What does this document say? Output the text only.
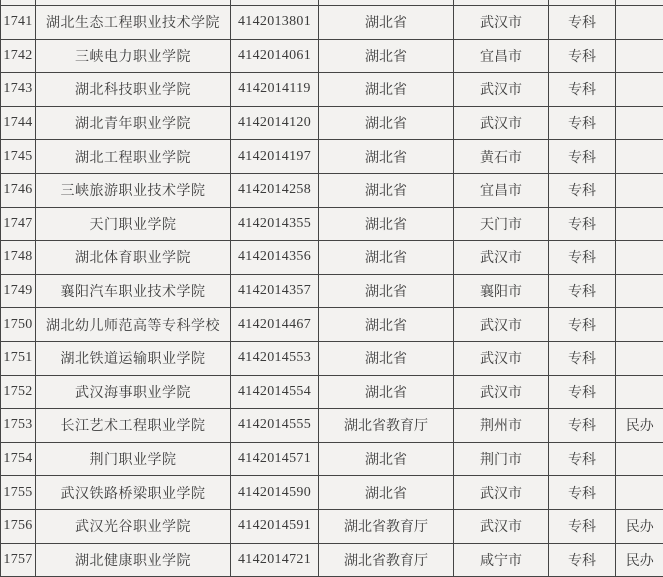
1741	湖北生态工程职业技术学院	4142013801	湖北省	武汉市	专科	
1742	三峡电力职业学院	4142014061	湖北省	宜昌市	专科	
1743	湖北科技职业学院	4142014119	湖北省	武汉市	专科	
1744	湖北青年职业学院	4142014120	湖北省	武汉市	专科	
1745	湖北工程职业学院	4142014197	湖北省	黄石市	专科	
1746	三峡旅游职业技术学院	4142014258	湖北省	宜昌市	专科	
1747	天门职业学院	4142014355	湖北省	天门市	专科	
1748	湖北体育职业学院	4142014356	湖北省	武汉市	专科	
1749	襄阳汽车职业技术学院	4142014357	湖北省	襄阳市	专科	
1750	湖北幼儿师范高等专科学校	4142014467	湖北省	武汉市	专科	
1751	湖北铁道运输职业学院	4142014553	湖北省	武汉市	专科	
1752	武汉海事职业学院	4142014554	湖北省	武汉市	专科	
1753	长江艺术工程职业学院	4142014555	湖北省教育厅	荆州市	专科	民办
1754	荆门职业学院	4142014571	湖北省	荆门市	专科	
1755	武汉铁路桥梁职业学院	4142014590	湖北省	武汉市	专科	
1756	武汉光谷职业学院	4142014591	湖北省教育厅	武汉市	专科	民办
1757	湖北健康职业学院	4142014721	湖北省教育厅	咸宁市	专科	民办
